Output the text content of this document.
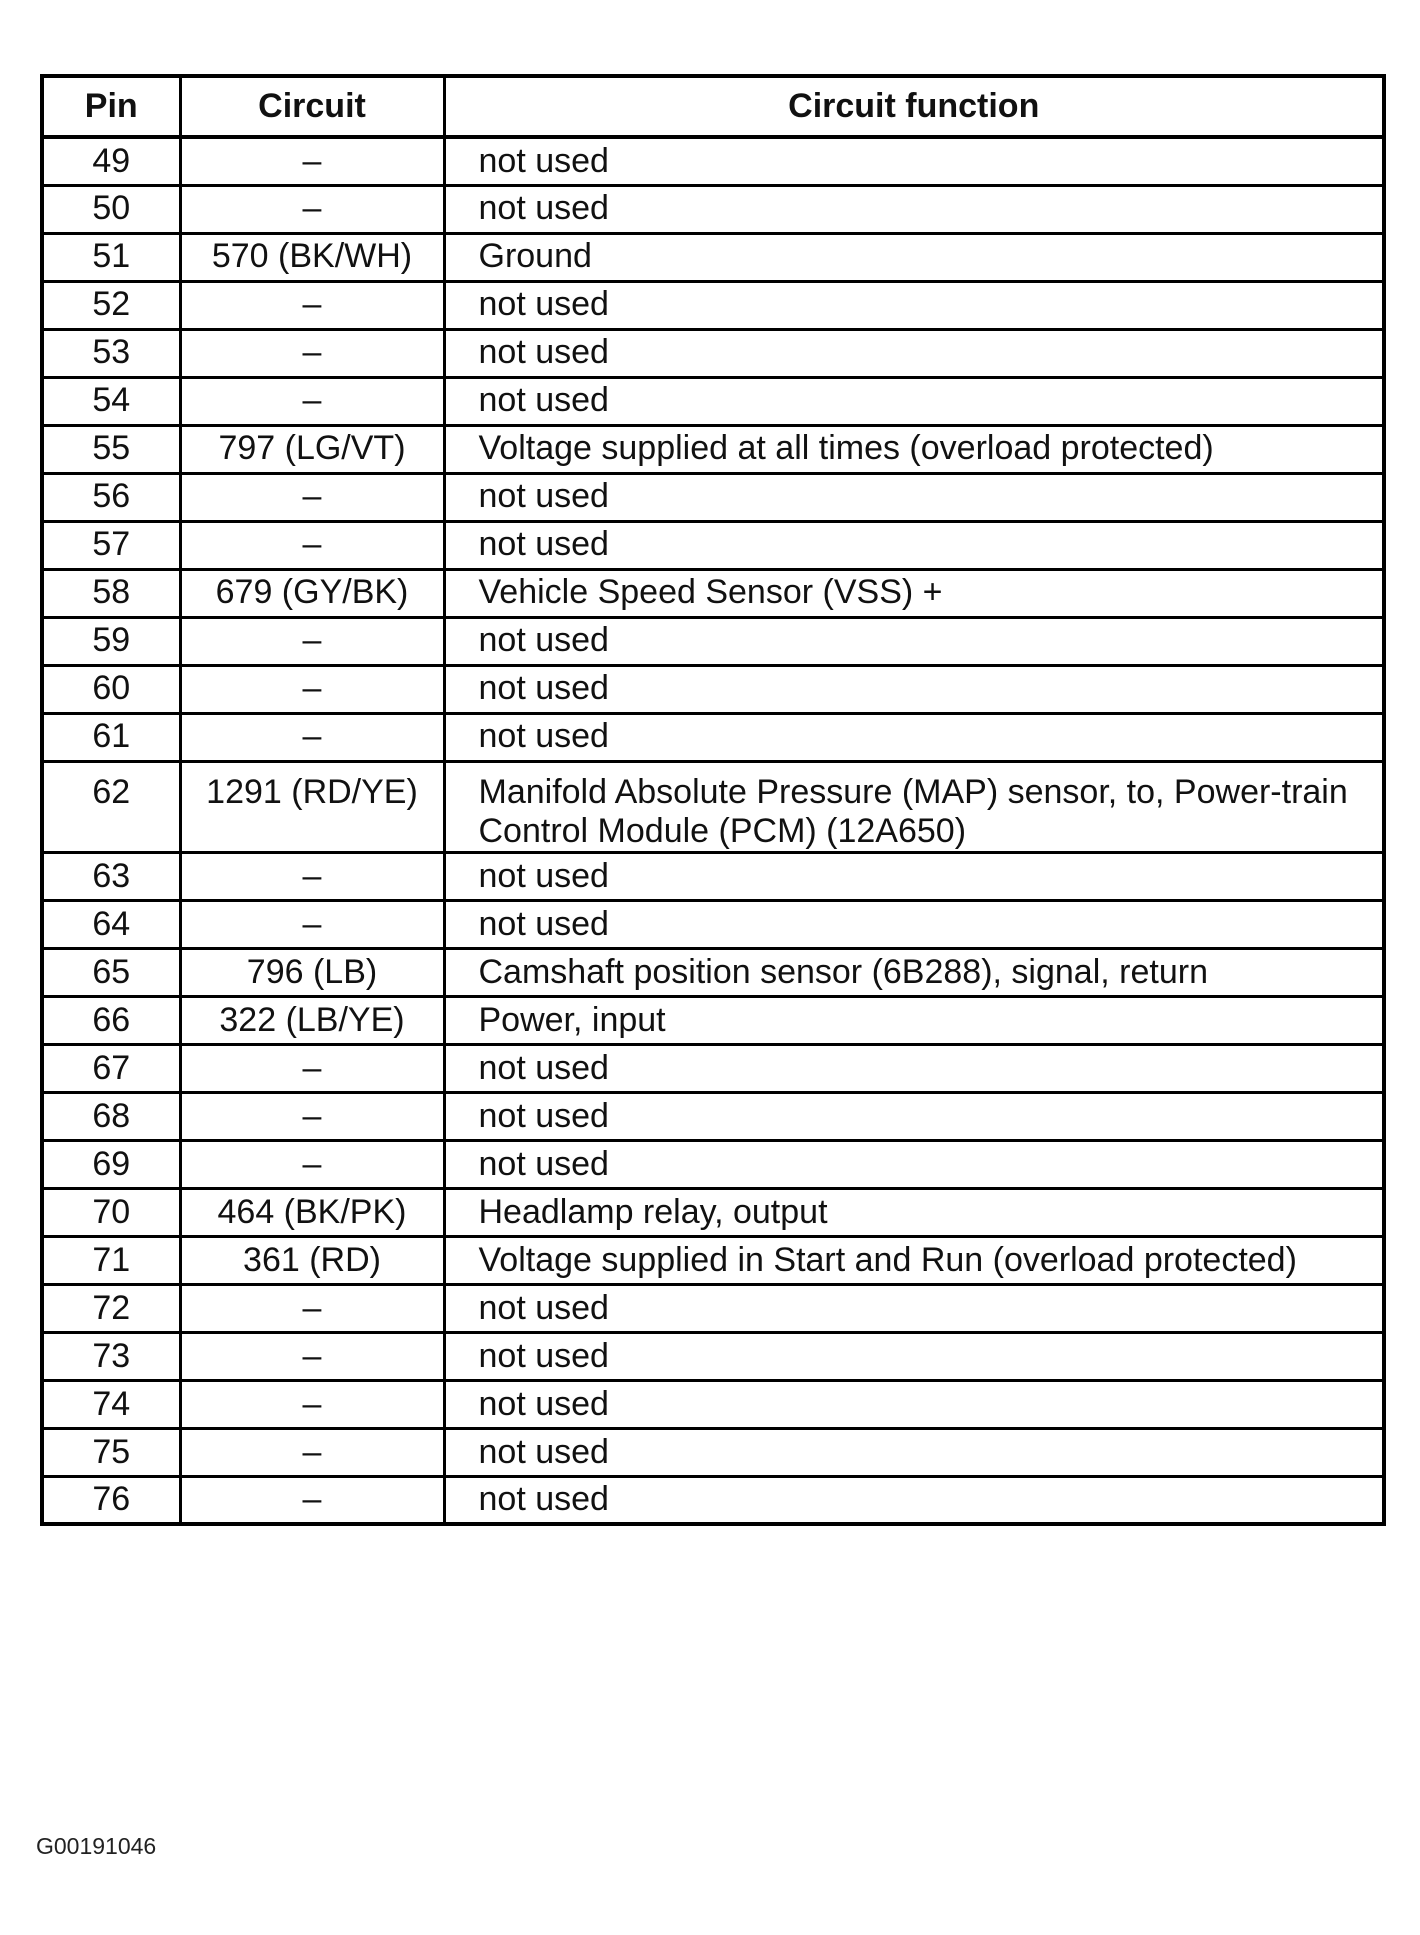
Pin	Circuit	Circuit function
49	–	not used
50	–	not used
51	570 (BK/WH)	Ground
52	–	not used
53	–	not used
54	–	not used
55	797 (LG/VT)	Voltage supplied at all times (overload protected)
56	–	not used
57	–	not used
58	679 (GY/BK)	Vehicle Speed Sensor (VSS) +
59	–	not used
60	–	not used
61	–	not used
62	1291 (RD/YE)	Manifold Absolute Pressure (MAP) sensor, to, Power-train Control Module (PCM) (12A650)
63	–	not used
64	–	not used
65	796 (LB)	Camshaft position sensor (6B288), signal, return
66	322 (LB/YE)	Power, input
67	–	not used
68	–	not used
69	–	not used
70	464 (BK/PK)	Headlamp relay, output
71	361 (RD)	Voltage supplied in Start and Run (overload protected)
72	–	not used
73	–	not used
74	–	not used
75	–	not used
76	–	not used
G00191046
